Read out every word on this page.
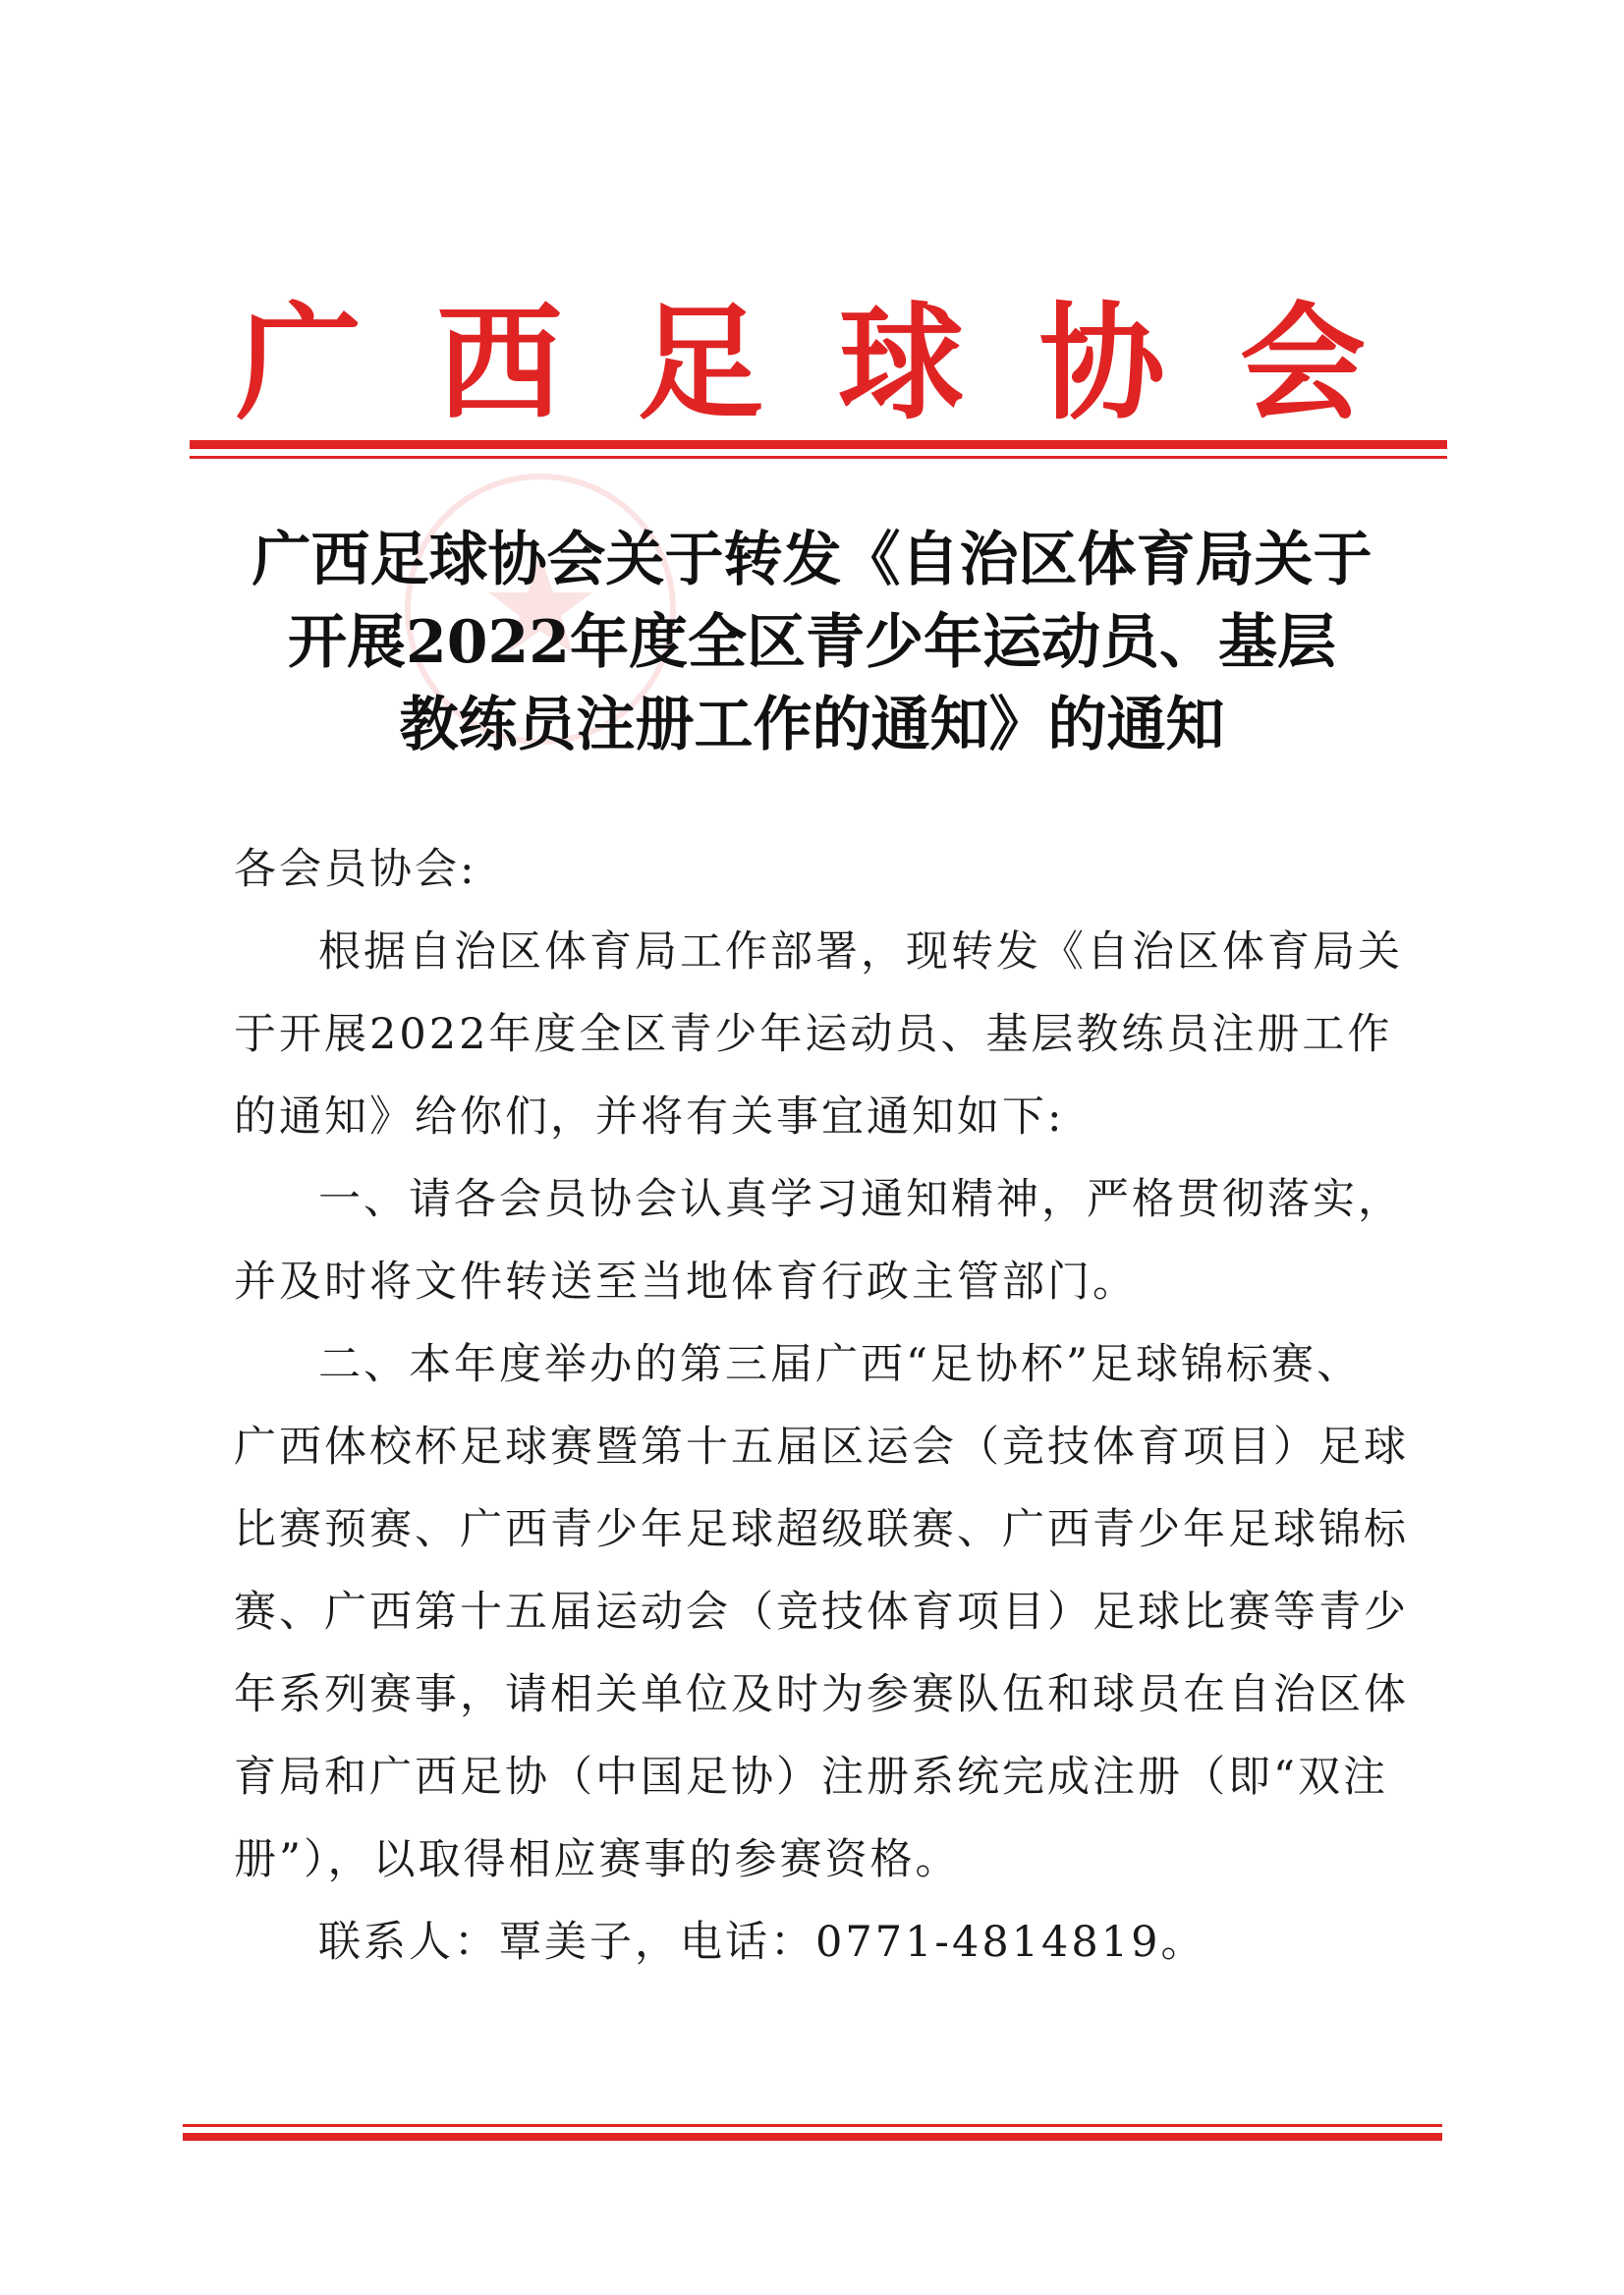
广 西 足 球 协 会
广西足球协会关于转发《自治区体育局关于
开展2022年度全区青少年运动员、基层
教练员注册工作的通知》的通知
各会员协会:
根据自治区体育局工作部署，现转发《自治区体育局关
于开展2022年度全区青少年运动员、基层教练员注册工作
的通知》给你们，并将有关事宜通知如下:
一、请各会员协会认真学习通知精神，严格贯彻落实，
并及时将文件转送至当地体育行政主管部门。
二、本年度举办的第三届广西“足协杯”足球锦标赛、
广西体校杯足球赛暨第十五届区运会（竞技体育项目）足球
比赛预赛、广西青少年足球超级联赛、广西青少年足球锦标
赛、广西第十五届运动会（竞技体育项目）足球比赛等青少
年系列赛事，请相关单位及时为参赛队伍和球员在自治区体
育局和广西足协（中国足协）注册系统完成注册（即“双注
册”），以取得相应赛事的参赛资格。
联系人：覃美子，电话：0771-4814819。
